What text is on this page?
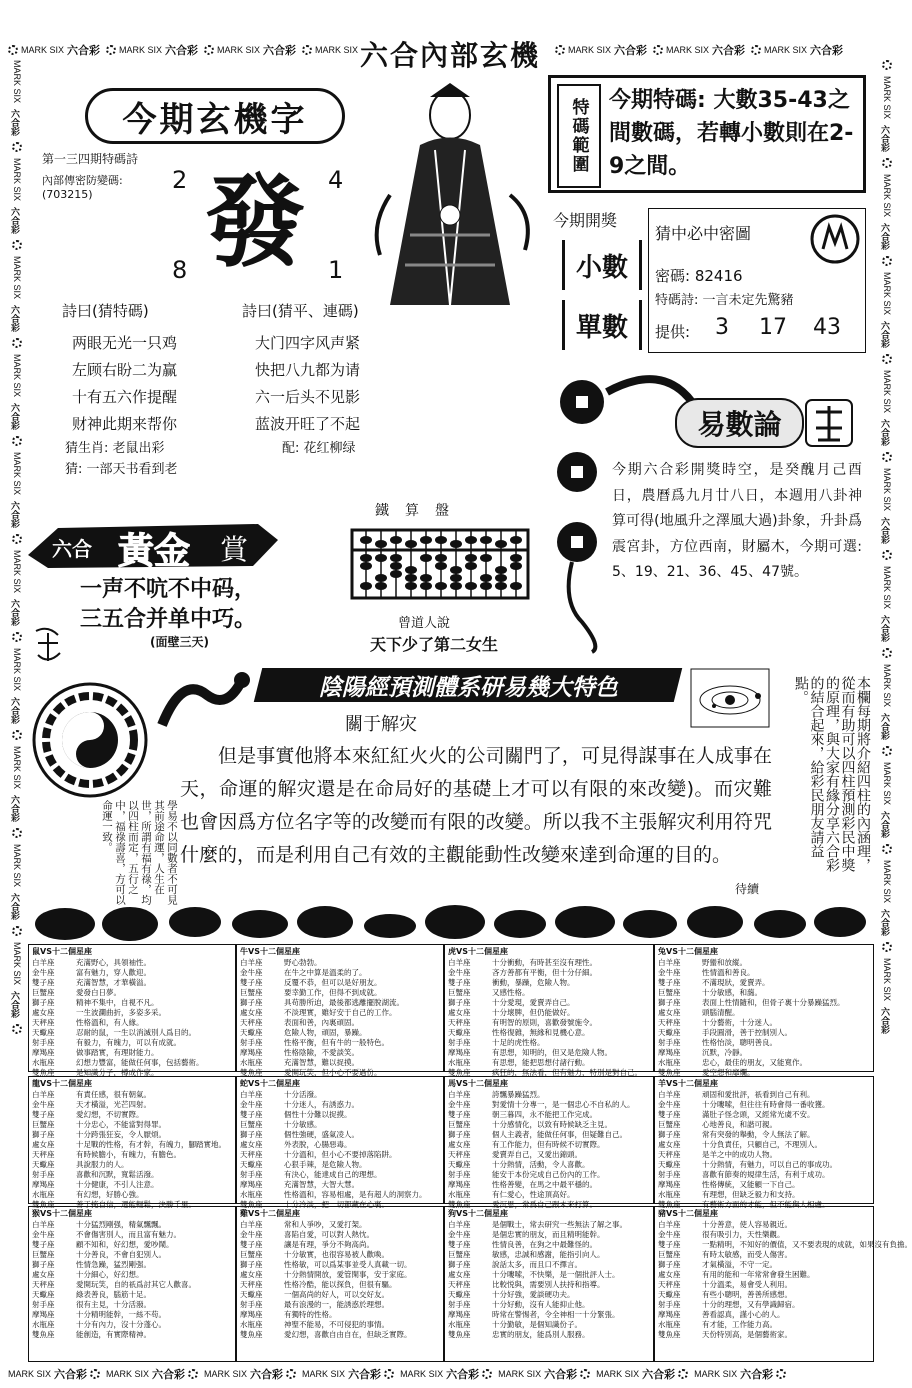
MARK SIX 六合彩 MARK SIX 六合彩 MARK SIX 六合彩 MARK SIX	MARK SIX 六合彩 MARK SIX 六合彩 MARK SIX 六合彩
MARK SIX 六合彩 MARK SIX 六合彩 MARK SIX 六合彩 MARK SIX 六合彩 MARK SIX 六合彩 MARK SIX 六合彩 MARK SIX 六合彩 MARK SIX 六合彩
MARK SIX
六合彩
MARK SIX
六合彩
MARK SIX
六合彩
MARK SIX
六合彩
MARK SIX
六合彩
MARK SIX
六合彩
MARK SIX
六合彩
MARK SIX
六合彩
MARK SIX
六合彩
MARK SIX
六合彩
MARK SIX
六合彩
MARK SIX
六合彩
MARK SIX
六合彩
MARK SIX
六合彩
MARK SIX
六合彩
MARK SIX
六合彩
MARK SIX
六合彩
MARK SIX
六合彩
MARK SIX
六合彩
MARK SIX
六合彩
六合內部玄機
今期玄機字
第一三四期特碼詩
內部傳密防變碼:
(703215)
2	4
8	1
發
詩曰(猜特碼)	詩曰(猜平、連碼)
两眼无光一只鸡
左顾右盼二为赢
十有五六作提醒
财神此期来帮你
大门四字风声紧
快把八九都为请
六一后头不见影
蓝波开旺了不起
猜生肖: 老鼠出彩	配: 花红柳绿
猜: 一部天书看到老
特碼範圍 今期特碼: 大數35-43之間數碼，若轉小數則在2-9之間。
今期開獎
小數
單數
猜中必中密圖
密碼: 82416
特碼詩: 一言未定先驚豬
提供: 3 17 43
易數論
今期六合彩開獎時空，是癸醜月己酉日，農曆爲九月廿八日，本週用八卦神算可得(地風升之澤風大過)卦象，升卦爲震宮卦，方位西南，財屬木，今期可選: 5、19、21、36、45、47號。
六合 黃金 賞
一声不吭不中码，
三五合并单中巧。
(面壁三天)
鐵　算　盤
曾道人說
天下少了第二女生
學易不以同數者不可見其前途命運，人生在世，所謂有福有祿，均以四柱而定，五行之中，福祿壽喜，方可以命運一致。
陰陽經預測體系研易幾大特色
關于解灾
但是事實他將本來紅紅火火的公司關門了，可見得謀事在人成事在天，命運的解灾還是在命局好的基礎上才可以有限的來改變)。而灾難也會因爲方位名字等的改變而有限的改變。所以我不主張解灾利用符咒什麼的，而是利用自己有效的主觀能動性改變來達到命運的目的。
待續
本欄每期將介紹四柱的內涵理，從而有助可以四柱預測彩民中獎的原理，與大家有緣分享六合彩的結合起來，給彩民朋友請益點。
鼠VS十二個星座
白羊座	充滿野心，具領袖性。
金牛座	富有魅力，穿人歡迎。
雙子座	充滿智慧，才華橫溢。
巨蟹座	愛發白日夢。
獅子座	精神不集中，自視不凡。
處女座	一生波瀾曲折，多姿多采。
天秤座	性格溫和，有人緣。
天蠍座	忍耐的鼠，一生以消滅別人爲目的。
射手座	有毅力，有魄力，可以有成就。
摩羯座	做事踏實，有理財能力。
水瓶座	幻想力豐富，能做任何事，包括藝術。
雙魚座	是知識分子，樽成作家。
牛VS十二個星座
白羊座	野心勃勃。
金牛座	在牛之中算是溫柔的了。
雙子座	反覆不恭，但可以是好朋友。
巨蟹座	要幸勤工作，但得不到成就。
獅子座	具苟勝所迫，最後都逃離擺脫湖流。
處女座	不淡理實，雖好安于自己的工作。
天秤座	表面和善，內裏頑固。
天蠍座	危險人物，頑固，暴躁。
射手座	性格平衡，但有牛的一般特色。
摩羯座	性格陰險，不愛談笑。
水瓶座	充滿智慧，難以捉摸。
雙魚座	愛開玩笑，但小心不要過份。
虎VS十二個星座
白羊座	十分衝動，有時甚至沒有理性。
金牛座	吝方善都有平衡，但十分仔細。
雙子座	衝動，暴躁，危險人物。
巨蟹座	又感性格。
獅子座	十分愛現，愛賣弄自己。
處女座	十分壞脾，但仍能做好。
天秤座	有明智的原則，喜歡發號施令。
天蠍座	性格復雜，無緣和見機心意。
射手座	十足的虎性格。
摩羯座	有思想，知明的，但又是危險人物。
水瓶座	有思想，能把思想付諸行動。
雙魚座	疯狂的，無法看，但有魅力，特別是對自己。
兔VS十二個星座
白羊座	野蠻和放縱。
金牛座	性情溫和善良。
雙子座	不滿現狀，愛賣弄。
巨蟹座	十分敏感，和藹。
獅子座	表面上性情隨和，但骨子裏十分暴躁猛烈。
處女座	頭腦清醒。
天秤座	十分藝術，十分迷人。
天蠍座	手段圓滑，善于控制別人。
射手座	性格怡淡，聰明善良。
摩羯座	沉默，冷靜。
水瓶座	忠心，最佳的朋友，又能寬作。
雙魚座	愛空想和靡爛。
龍VS十二個星座
白羊座	有責任感，很有朝氣。
金牛座	天才橫溢，光芒四射。
雙子座	愛幻想，不切實際。
巨蟹座	十分忠心，不能當對得罪。
獅子座	十分跨張狂妄，令人厭煩。
處女座	十足戰的性格，有才幹，有魄力，腳踏實地。
天秤座	有時候膽小，有魄力，有膽色。
天蠍座	具說服力的人。
射手座	喜歡和沉默，寬鬆活潑。
摩羯座	十分健康，不引人注意。
水瓶座	有幻想，好勝心強。
雙魚座	善于掩自信，還能輕鬆，決勝千里。
蛇VS十二個星座
白羊座	十分活潑。
金牛座	十分迷人，有誘惑力。
雙子座	個性十分難以捉摸。
巨蟹座	十分敏感。
獅子座	個性強硬，盛氣凌人。
處女座	外表脫，心腸惡毒。
天秤座	十分溫和，但小心不要掉落陷阱。
天蠍座	心狠手辣，是危險人物。
射手座	有決心，能達成自己的理想。
摩羯座	充滿智慧，大智大慧。
水瓶座	性格溫和，容易相處，是有超人的洞察力。
雙魚座	十分冷淡，把一切都藏在心裏。
馬VS十二個星座
白羊座	誇飄暴躁猛烈。
金牛座	對愛情十分專一，是一個忠心不自私的人。
雙子座	朝三暮四，永不能把工作完成。
巨蟹座	十分感情化，以致有時候缺乏主見。
獅子座	個人主義者，能做任何事，但疑難自己。
處女座	有工作能力，但有時候不切實際。
天秤座	愛賣弄自己，又愛出錦頭。
天蠍座	十分熱情，活動，令人喜歡。
射手座	能安于本份完成自己份內的工作。
摩羯座	性格善變，在馬之中最平穩的。
水瓶座	有仁愛心，性途頂高好。
雙魚座	愛沉思，常爲自己跟未來打算。
羊VS十二個星座
白羊座	頑固和愛批評，祇看到自己有利。
金牛座	十分嘍嗦，但往往有時會得一番收獲。
雙子座	滿肚子怪念頭，又經常光虞不安。
巨蟹座	心地善良，和諧可親。
獅子座	常有突發的舉動，令人無法了解。
處女座	十分負責任，只顧自己，不理別人。
天秤座	是羊之中的成功人物。
天蠍座	十分熱情，有魅力，可以自己的事成功。
射手座	喜歡有節奏的規律生活，有利于成功。
摩羯座	性格傳統，又能顧一下自己。
水瓶座	有理想，但缺乏毅力和支持。
雙魚座	有藝術方面的才能，但不能與人相處。
猴VS十二個星座
白羊座	十分猛烈剛强，精氣飄飄。
金牛座	不會傷害別人，而且富有魅力。
雙子座	顧不知和，好幻想，愛吵鬧。
巨蟹座	十分善良，不會自犯別人。
獅子座	性情急躁，猛烈剛强。
處女座	十分細心，好幻想。
天秤座	愛開玩笑，自的祇爲討其它人歡喜。
天蠍座	綠表善良，腦筋十足。
射手座	很有主見，十分活潑。
摩羯座	十分精明能幹，一絲不苟。
水瓶座	十分有內力，沒十分蓬心。
雙魚座	能創造，有實際精神。
雞VS十二個星座
白羊座	常和人爭吵，又愛打架。
金牛座	喜陷自愛，可以對人熱忱。
雙子座	讓是有理，爭分不夠高尚。
巨蟹座	十分敏實，也很容易被人歡喚。
獅子座	性格敏，可以爲某事並受人真載一切。
處女座	十分熱情開放，愛管閑事，安于家庭。
天秤座	性格冷酷，能以探負，但很有驅。
天蠍座	一個高尚的好人，可以交好友。
射手座	最有浪漫的一，能誘惑於理想。
摩羯座	有獨特的性格。
水瓶座	神聖不能易，不可侵犯的事情。
雙魚座	愛幻想，喜歡自由自在，但缺乏實際。
狗VS十二個星座
白羊座	是個戰士，常去研究一些無法了解之事。
金牛座	是個忠實的朋友，而且精明能幹。
雙子座	性情良善，在狗之中最難怪的。
巨蟹座	敏感，忠誠和感謝，能指引向人。
獅子座	說話太多，而且口不擇言。
處女座	十分嘍嗦，不快樂，是一個批評人士。
天秤座	比較悦與，需要別人扶持和指導。
天蠍座	十分好強，愛談硬功夫。
射手座	十分好動，沒有人能抑止他。
摩羯座	時常在警惕者，令全神相一十分緊張。
水瓶座	十分勤敏，是個知識份子。
雙魚座	忠實的朋友，能爲別人服務。
豬VS十二個星座
白羊座	十分善意，使人容易親近。
金牛座	很有吸引力，天性樂觀。
雙子座	一點精明，不知好的價值，又不要表現的成就，如果沒有負擔。
巨蟹座	有時太敏感，而受人傷害。
獅子座	才氣橫溢，不守一定。
處女座	有用的能和一年常常會發生困難。
天秤座	十分溫柔，易會受人利用。
天蠍座	有些小聰明，善善所感想。
射手座	十分的理想，又有學識歸宿。
摩羯座	善看認真，謹小心的人。
水瓶座	有才能，工作能力高。
雙魚座	天份特別高，是個藝術家。
